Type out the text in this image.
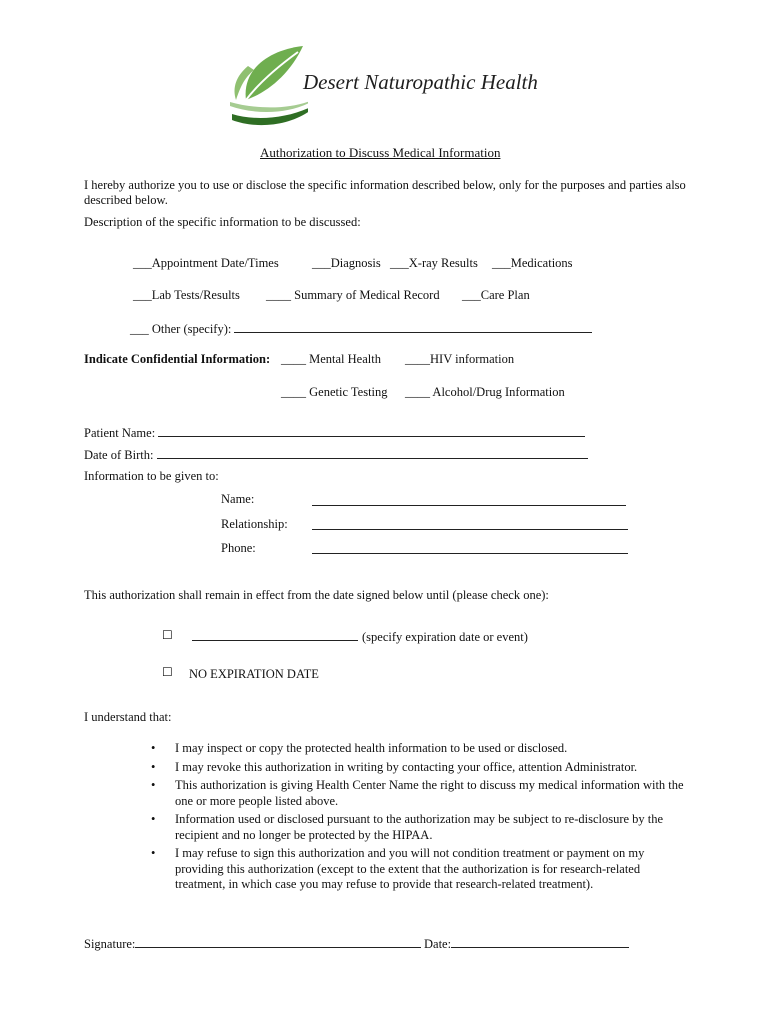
Desert Naturopathic Health
Authorization to Discuss Medical Information
I hereby authorize you to use or disclose the specific information described below, only for the purposes and parties also described below.
Description of the specific information to be discussed:
___Appointment Date/Times	___Diagnosis ___X-ray Results ___Medications
___Lab Tests/Results ____ Summary of Medical Record ___Care Plan
___ Other (specify):
Indicate Confidential Information: ____ Mental Health ____HIV information
____ Genetic Testing ____ Alcohol/Drug Information
Patient Name:
Date of Birth:
Information to be given to:
Name:
Relationship:
Phone:
This authorization shall remain in effect from the date signed below until (please check one):
☐	(specify expiration date or event)
☐ NO EXPIRATION DATE
I understand that:
• I may inspect or copy the protected health information to be used or disclosed.
• I may revoke this authorization in writing by contacting your office, attention Administrator.
• This authorization is giving Health Center Name the right to discuss my medical information with the one or more people listed above.
• Information used or disclosed pursuant to the authorization may be subject to re-disclosure by the recipient and no longer be protected by the HIPAA.
• I may refuse to sign this authorization and you will not condition treatment or payment on my providing this authorization (except to the extent that the authorization is for research-related treatment, in which case you may refuse to provide that research-related treatment).
Signature:	Date:
